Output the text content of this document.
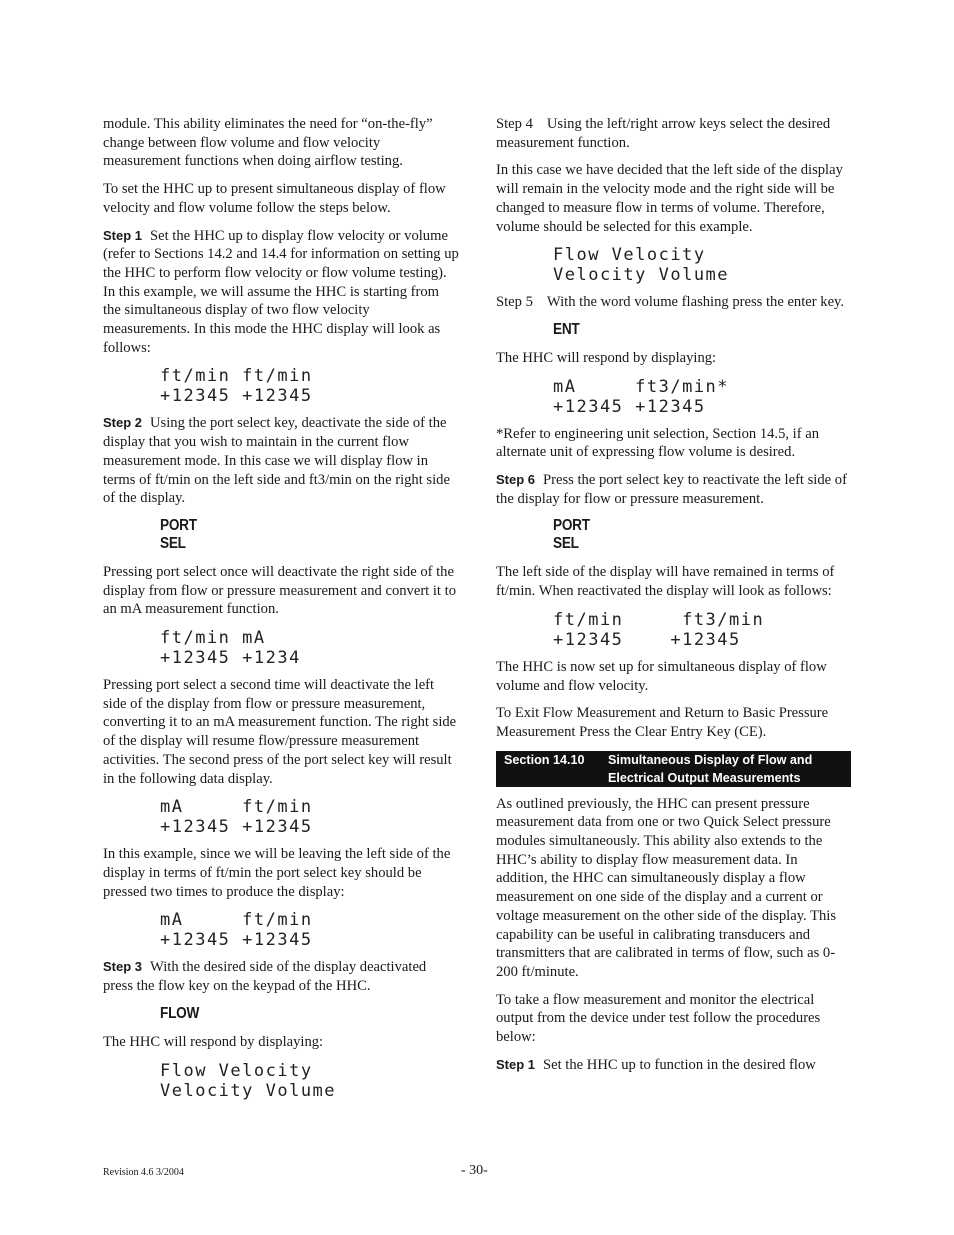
module. This ability eliminates the need for “on-the-fly” change between flow volume and flow velocity measurement functions when doing airflow testing.

To set the HHC up to present simultaneous display of flow velocity and flow volume follow the steps below.

Step 1 Set the HHC up to display flow velocity or volume (refer to Sections 14.2 and 14.4 for information on setting up the HHC to perform flow velocity or flow volume testing). In this example, we will assume the HHC is starting from the simultaneous display of two flow velocity measurements. In this mode the HHC display will look as follows:

ft/min ft/min
+12345 +12345

Step 2 Using the port select key, deactivate the side of the display that you wish to maintain in the current flow measurement mode. In this case we will display flow in terms of ft/min on the left side and ft3/min on the right side of the display.

PORT
SEL

Pressing port select once will deactivate the right side of the display from flow or pressure measurement and convert it to an mA measurement function.

ft/min mA
+12345 +1234

Pressing port select a second time will deactivate the left side of the display from flow or pressure measurement, converting it to an mA measurement function. The right side of the display will resume flow/pressure measurement activities. The second press of the port select key will result in the following data display.

mA     ft/min
+12345 +12345

In this example, since we will be leaving the left side of the display in terms of ft/min the port select key should be pressed two times to produce the display:

mA     ft/min
+12345 +12345

Step 3 With the desired side of the display deactivated press the flow key on the keypad of the HHC.

FLOW

The HHC will respond by displaying:

Flow Velocity
Velocity Volume

Step 4 Using the left/right arrow keys select the desired measurement function.

In this case we have decided that the left side of the display will remain in the velocity mode and the right side will be changed to measure flow in terms of volume. Therefore, volume should be selected for this example.

Flow Velocity
Velocity Volume

Step 5 With the word volume flashing press the enter key.

ENT

The HHC will respond by displaying:

mA     ft3/min*
+12345 +12345

*Refer to engineering unit selection, Section 14.5, if an alternate unit of expressing flow volume is desired.

Step 6 Press the port select key to reactivate the left side of the display for flow or pressure measurement.

PORT
SEL

The left side of the display will have remained in terms of ft/min. When reactivated the display will look as follows:

ft/min     ft3/min
+12345    +12345

The HHC is now set up for simultaneous display of flow volume and flow velocity.

To Exit Flow Measurement and Return to Basic Pressure Measurement Press the Clear Entry Key (CE).

Section 14.10	Simultaneous Display of Flow and Electrical Output Measurements

As outlined previously, the HHC can present pressure measurement data from one or two Quick Select pressure modules simultaneously. This ability also extends to the HHC’s ability to display flow measurement data. In addition, the HHC can simultaneously display a flow measurement on one side of the display and a current or voltage measurement on the other side of the display. This capability can be useful in calibrating transducers and transmitters that are calibrated in terms of flow, such as 0-200 ft/minute.

To take a flow measurement and monitor the electrical output from the device under test follow the procedures below:

Step 1 Set the HHC up to function in the desired flow

Revision 4.6 3/2004	- 30-
